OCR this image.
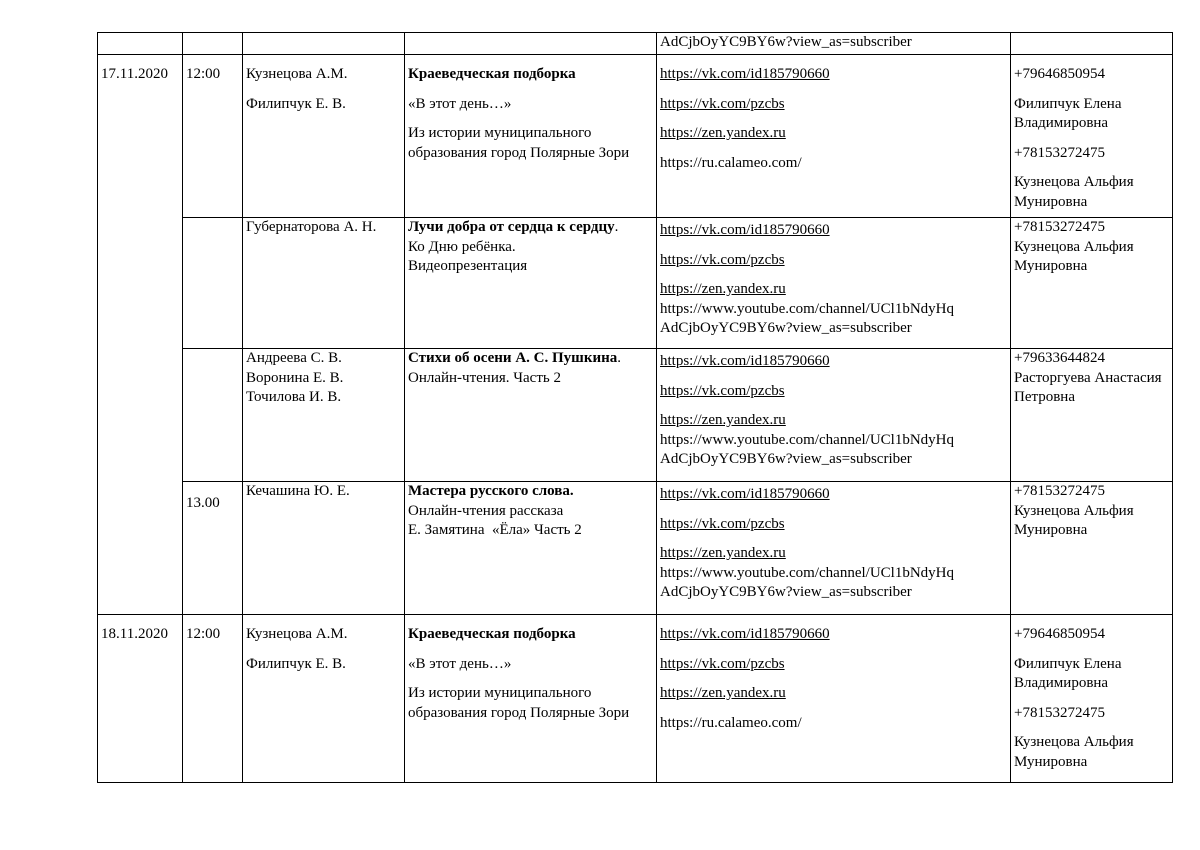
				AdCjbOyYC9BY6w?view_as=subscriber	

17.11.2020	12:00	Кузнецова А.М.
Филипчук Е. В.	Краеведческая подборка
«В этот день…»
Из истории муниципального образования город Полярные Зори	https://vk.com/id185790660
https://vk.com/pzcbs
https://zen.yandex.ru
https://ru.calameo.com/	+79646850954
Филипчук Елена Владимировна
+78153272475
Кузнецова Альфия Мунировна

		Губернаторова А. Н.	Лучи добра от сердца к сердцу.
Ко Дню ребёнка.
Видеопрезентация	https://vk.com/id185790660
https://vk.com/pzcbs
https://zen.yandex.ru
https://www.youtube.com/channel/UCl1bNdyHq
AdCjbOyYC9BY6w?view_as=subscriber	+78153272475
Кузнецова Альфия Мунировна

		Андреева С. В.
Воронина Е. В.
Точилова И. В.	Стихи об осени А. С. Пушкина.
Онлайн-чтения. Часть 2	https://vk.com/id185790660
https://vk.com/pzcbs
https://zen.yandex.ru
https://www.youtube.com/channel/UCl1bNdyHq
AdCjbOyYC9BY6w?view_as=subscriber	+79633644824
Расторгуева Анастасия Петровна

	13.00	Кечашина Ю. Е.	Мастера русского слова.
Онлайн-чтения рассказа
Е. Замятина  «Ёла» Часть 2	https://vk.com/id185790660
https://vk.com/pzcbs
https://zen.yandex.ru
https://www.youtube.com/channel/UCl1bNdyHq
AdCjbOyYC9BY6w?view_as=subscriber	+78153272475
Кузнецова Альфия Мунировна

18.11.2020	12:00	Кузнецова А.М.
Филипчук Е. В.	Краеведческая подборка
«В этот день…»
Из истории муниципального образования город Полярные Зори	https://vk.com/id185790660
https://vk.com/pzcbs
https://zen.yandex.ru
https://ru.calameo.com/	+79646850954
Филипчук Елена Владимировна
+78153272475
Кузнецова Альфия Мунировна
